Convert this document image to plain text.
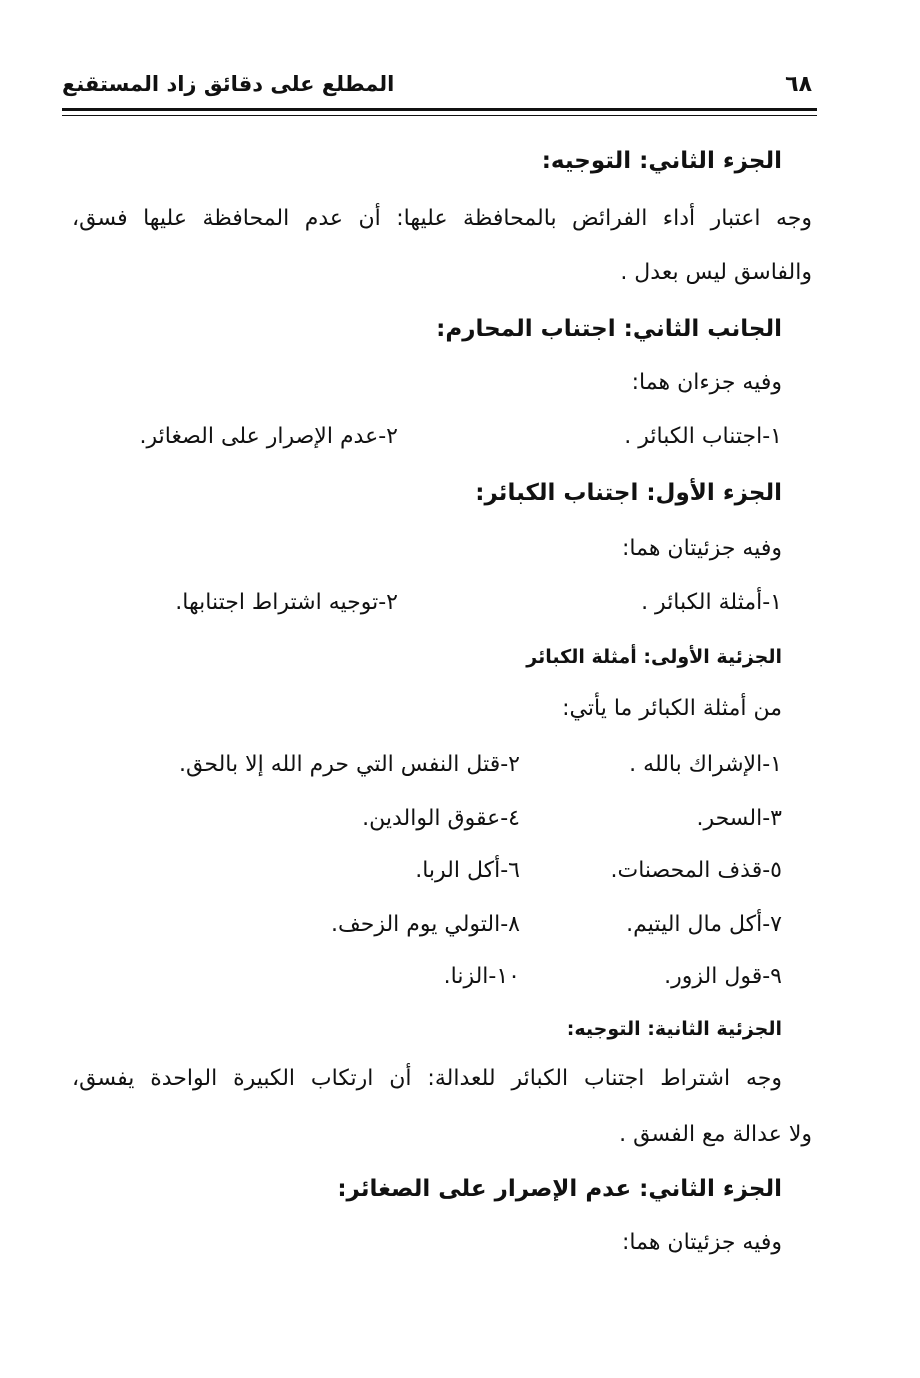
٦٨
المطلع على دقائق زاد المستقنع
الجزء الثاني: التوجيه:
وجه اعتبار أداء الفرائض بالمحافظة عليها: أن عدم المحافظة عليها فسق،
والفاسق ليس بعدل .
الجانب الثاني: اجتناب المحارم:
وفيه جزءان هما:
١-اجتناب الكبائر .
٢-عدم الإصرار على الصغائر.
الجزء الأول: اجتناب الكبائر:
وفيه جزئيتان هما:
١-أمثلة الكبائر .
٢-توجيه اشتراط اجتنابها.
الجزئية الأولى: أمثلة الكبائر
من أمثلة الكبائر ما يأتي:
١-الإشراك بالله .
٢-قتل النفس التي حرم الله إلا بالحق.
٣-السحر.
٤-عقوق الوالدين.
٥-قذف المحصنات.
٦-أكل الربا.
٧-أكل مال اليتيم.
٨-التولي يوم الزحف.
٩-قول الزور.
١٠-الزنا.
الجزئية الثانية: التوجيه:
وجه اشتراط اجتناب الكبائر للعدالة: أن ارتكاب الكبيرة الواحدة يفسق،
ولا عدالة مع الفسق .
الجزء الثاني: عدم الإصرار على الصغائر:
وفيه جزئيتان هما:
